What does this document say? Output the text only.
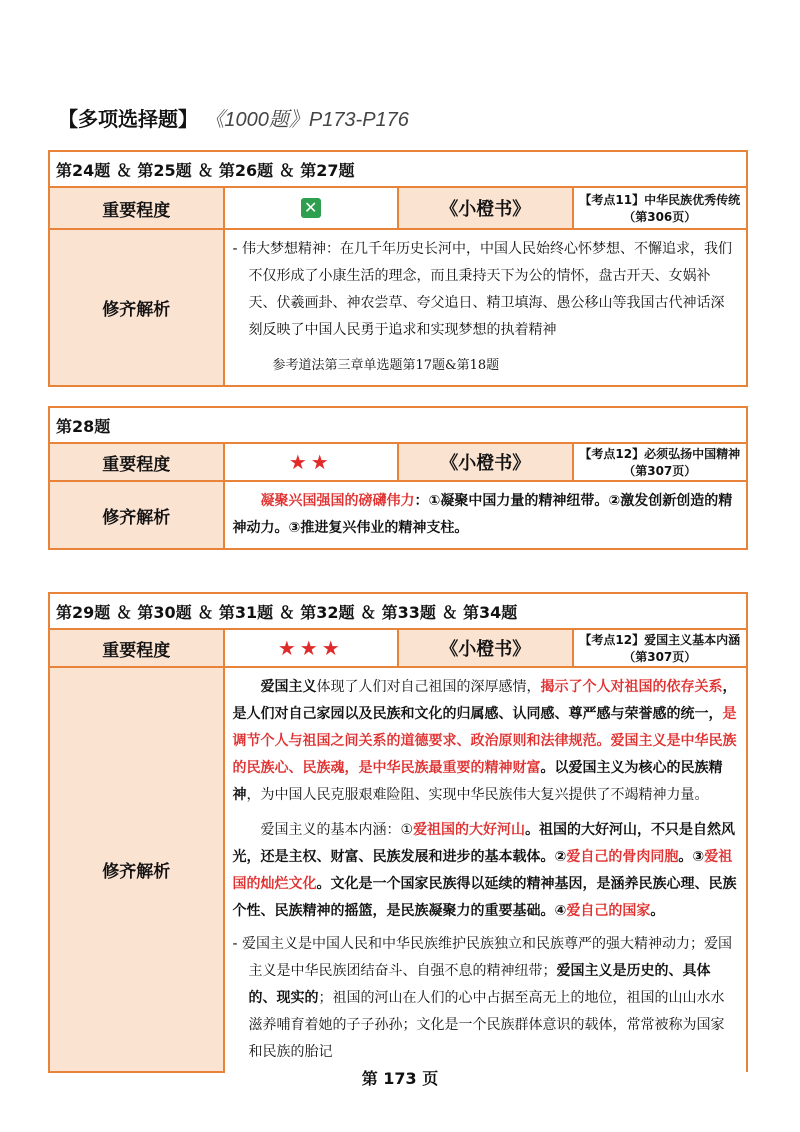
【多项选择题】 《1000题》P173-P176
第24题 ＆ 第25题 ＆ 第26题 ＆ 第27题			
重要程度	✕	《小橙书》	【考点11】中华民族优秀传统（第306页）
修齐解析	- 伟大梦想精神：在几千年历史长河中，中国人民始终心怀梦想、不懈追求，我们不仅形成了小康生活的理念，而且秉持天下为公的情怀，盘古开天、女娲补天、伏羲画卦、神农尝草、夸父追日、精卫填海、愚公移山等我国古代神话深刻反映了中国人民勇于追求和实现梦想的执着精神
参考道法第三章单选题第17题&第18题		
第28题			
重要程度	★★	《小橙书》	【考点12】必须弘扬中国精神（第307页）
修齐解析	凝聚兴国强国的磅礴伟力：①凝聚中国力量的精神纽带。②激发创新创造的精神动力。③推进复兴伟业的精神支柱。		
第29题 ＆ 第30题 ＆ 第31题 ＆ 第32题 ＆ 第33题 ＆ 第34题			
重要程度	★★★	《小橙书》	【考点12】爱国主义基本内涵（第307页）
修齐解析	爱国主义体现了人们对自己祖国的深厚感情，揭示了个人对祖国的依存关系，是人们对自己家园以及民族和文化的归属感、认同感、尊严感与荣誉感的统一，是调节个人与祖国之间关系的道德要求、政治原则和法律规范。爱国主义是中华民族的民族心、民族魂，是中华民族最重要的精神财富。以爱国主义为核心的民族精神，为中国人民克服艰难险阻、实现中华民族伟大复兴提供了不竭精神力量。
爱国主义的基本内涵：①爱祖国的大好河山。祖国的大好河山，不只是自然风光，还是主权、财富、民族发展和进步的基本载体。②爱自己的骨肉同胞。③爱祖国的灿烂文化。文化是一个国家民族得以延续的精神基因，是涵养民族心理、民族个性、民族精神的摇篮，是民族凝聚力的重要基础。④爱自己的国家。
- 爱国主义是中国人民和中华民族维护民族独立和民族尊严的强大精神动力；爱国主义是中华民族团结奋斗、自强不息的精神纽带；爱国主义是历史的、具体的、现实的；祖国的河山在人们的心中占据至高无上的地位，祖国的山山水水滋养哺育着她的子子孙孙；文化是一个民族群体意识的载体，常常被称为国家和民族的胎记		
第 173 页
